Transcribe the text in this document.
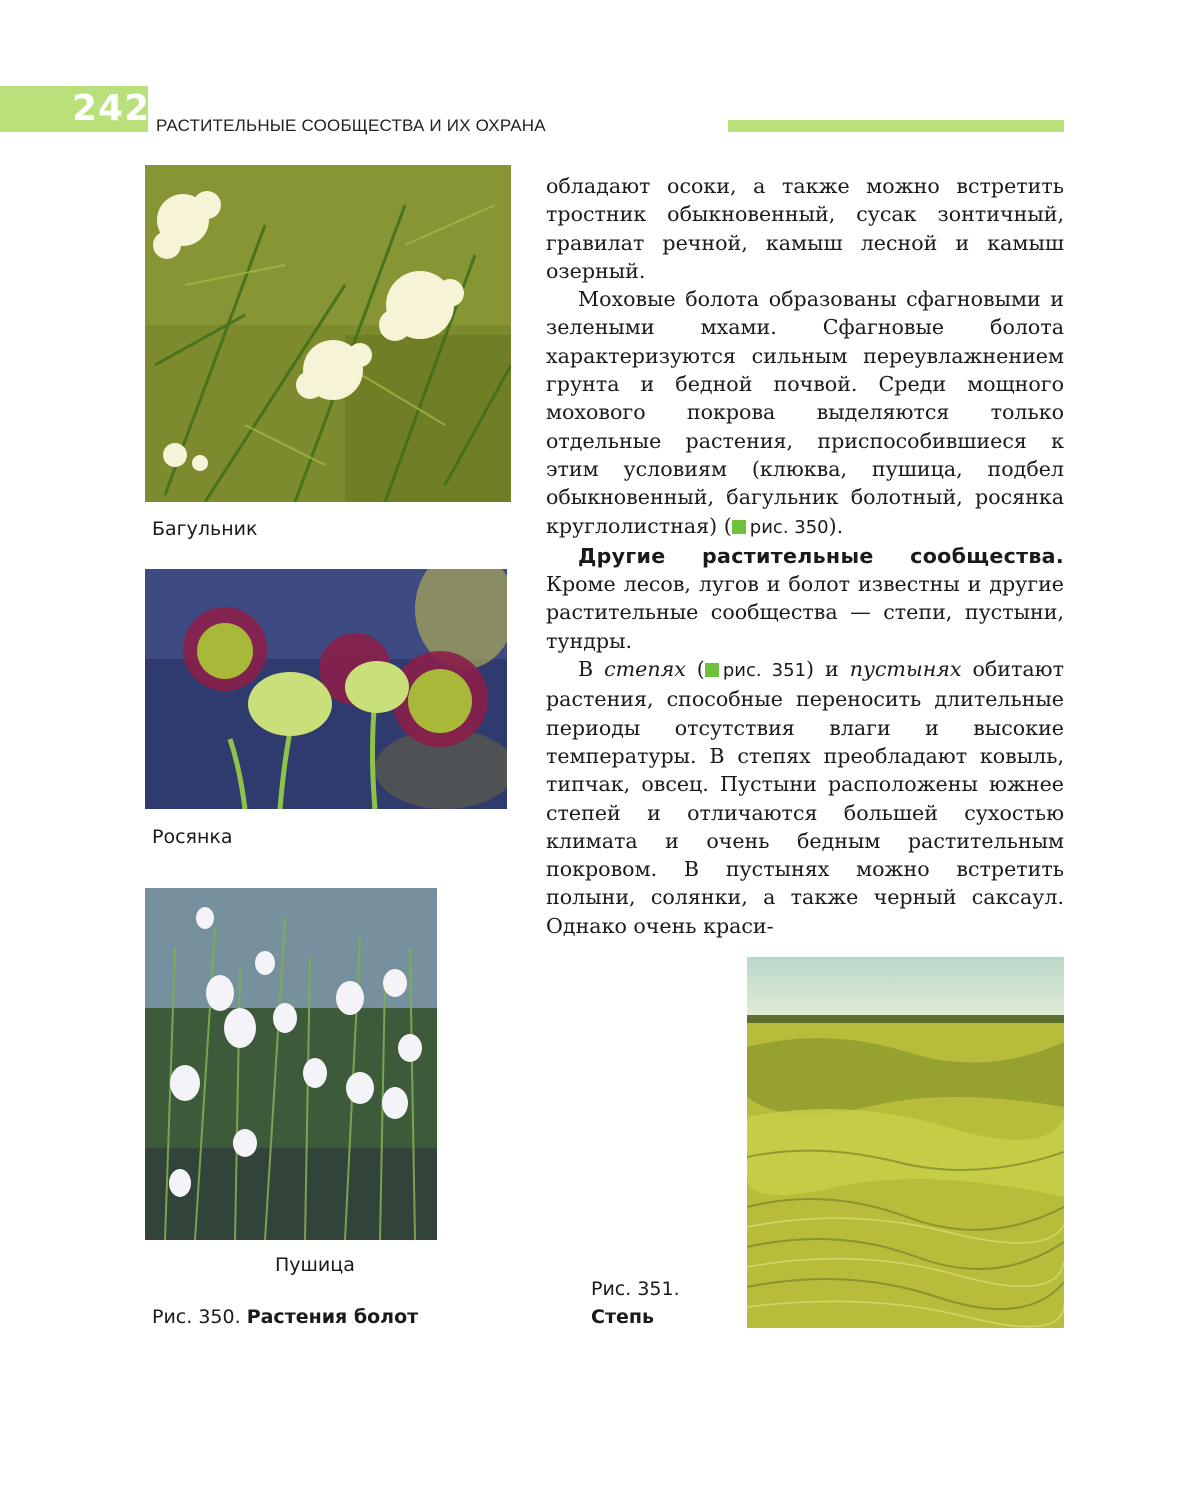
242 РАСТИТЕЛЬНЫЕ СООБЩЕСТВА И ИХ ОХРАНА
Багульник
Росянка
Пушица
Рис. 350. Растения болот

обладают осоки, а также можно встретить тростник обыкновенный, сусак зонтичный, гравилат речной, камыш лесной и камыш озерный.

Моховые болота образованы сфагновыми и зелеными мхами. Сфагновые болота характеризуются сильным переувлажнением грунта и бедной почвой. Среди мощного мохового покрова выделяются только отдельные растения, приспособившиеся к этим условиям (клюква, пушица, подбел обыкновенный, багульник болотный, росянка круглолистная) ( рис. 350).

Другие растительные сообщества. Кроме лесов, лугов и болот известны и другие растительные сообщества — степи, пустыни, тундры.

В степях ( рис. 351) и пустынях обитают растения, способные переносить длительные периоды отсутствия влаги и высокие температуры. В степях преобладают ковыль, типчак, овсец. Пустыни расположены южнее степей и отличаются большей сухостью климата и очень бедным растительным покровом. В пустынях можно встретить полыни, солянки, а также черный саксаул. Однако очень краси-

Рис. 351.
Степь
